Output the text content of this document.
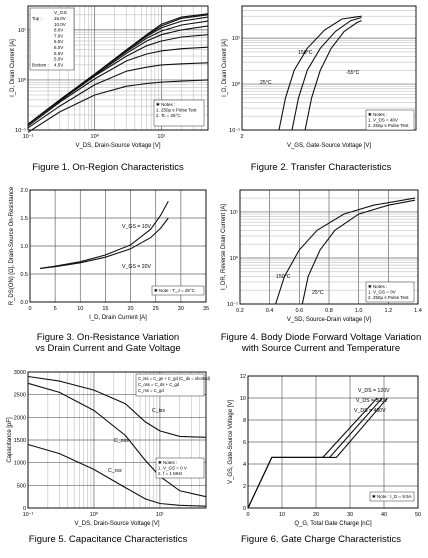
10⁻¹	10⁰	10¹
10⁻¹
10⁰
10¹
V_DS, Drain-Source Voltage [V]
I_D, Drain Current [A]
✱ Notes :
1. 250μ s Pulse Test
2. Tc = 25°C
V_GS
Top :	15.0V
10.0V
8.0V
7.0V
6.5V
6.0V
5.5V
5.0V
Bottom : 4.5V
Figure 1. On-Region Characteristics
2
10⁻¹
10⁰
10¹
V_GS, Gate-Source Voltage [V]
I_D, Drain Current [A]	150°C
-55°C
25°C
✱ Notes :
1. V_DS = 40V
2. 250μ s Pulse Test
Figure 2. Transfer Characteristics
0	5	10	15	20	25	30	35
0.0
0.5
1.0
1.5
2.0
I_D, Drain Current [A]
R_DS(ON) [Ω], Drain-Source On-Resistance	V_GS = 10V
V_GS = 20V
✱ Note : T_J = 25°C
Figure 3. On-Resistance Variation vs Drain Current and Gate Voltage
0.2	0.4	0.6	0.8	1.0	1.2	1.4
10⁻¹
10⁰
10¹
V_SD, Source-Drain voltage [V]
I_DR, Reverse Drain Current [A]	150°C
25°C
✱ Notes :
1. V_GS = 0V
2. 250μ s Pulse Test
Figure 4. Body Diode Forward Voltage Variation with Source Current and Temperature
10⁻¹	10⁰	10¹
0
500
1000
1500
2000
2500
3000
V_DS, Drain-Source Voltage [V]
Capacitance [pF]
C_iss
C_oss
C_rss
✱ Notes :
1. V_GS = 0 V
2. f = 1 MHz
C_iss = C_gs + C_gd (C_ds = shorted)
C_oss = C_ds + C_gd
C_rss = C_gd
Figure 5. Capacitance Characteristics
0	10	20	30	40	50
0
2
4
6
8
10
12
Q_G, Total Gate Charge [nC]
V_GS, Gate-Source Voltage [V]
V_DS = 120V
V_DS = 300V
V_DS = 480V
✱ Note : I_D = 9.5A
Figure 6. Gate Charge Characteristics
